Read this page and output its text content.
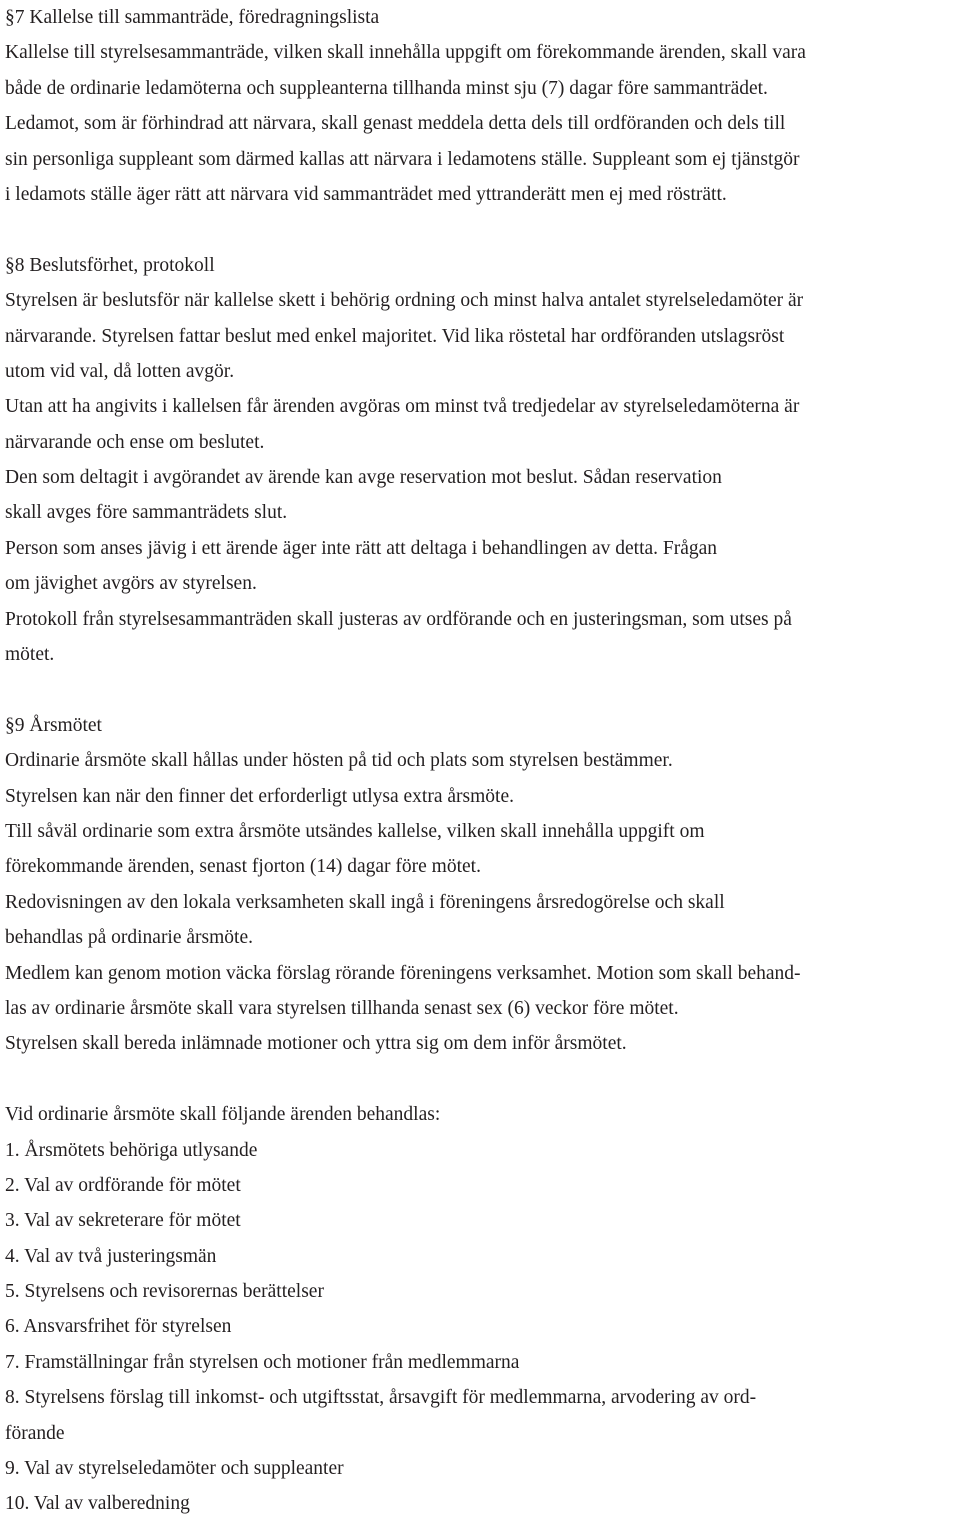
§7 Kallelse till sammanträde, föredragningslista
Kallelse till styrelsesammanträde, vilken skall innehålla uppgift om förekommande ärenden, skall vara
både de ordinarie ledamöterna och suppleanterna tillhanda minst sju (7) dagar före sammanträdet.
Ledamot, som är förhindrad att närvara, skall genast meddela detta dels till ordföranden och dels till
sin personliga suppleant som därmed kallas att närvara i ledamotens ställe. Suppleant som ej tjänstgör
i ledamots ställe äger rätt att närvara vid sammanträdet med yttranderätt men ej med rösträtt.
§8 Beslutsförhet, protokoll
Styrelsen är beslutsför när kallelse skett i behörig ordning och minst halva antalet styrelseledamöter är
närvarande. Styrelsen fattar beslut med enkel majoritet. Vid lika röstetal har ordföranden utslagsröst
utom vid val, då lotten avgör.
Utan att ha angivits i kallelsen får ärenden avgöras om minst två tredjedelar av styrelseledamöterna är
närvarande och ense om beslutet.
Den som deltagit i avgörandet av ärende kan avge reservation mot beslut. Sådan reservation
skall avges före sammanträdets slut.
Person som anses jävig i ett ärende äger inte rätt att deltaga i behandlingen av detta. Frågan
om jävighet avgörs av styrelsen.
Protokoll från styrelsesammanträden skall justeras av ordförande och en justeringsman, som utses på
mötet.
§9 Årsmötet
Ordinarie årsmöte skall hållas under hösten på tid och plats som styrelsen bestämmer.
Styrelsen kan när den finner det erforderligt utlysa extra årsmöte.
Till såväl ordinarie som extra årsmöte utsändes kallelse, vilken skall innehålla uppgift om
förekommande ärenden, senast fjorton (14) dagar före mötet.
Redovisningen av den lokala verksamheten skall ingå i föreningens årsredogörelse och skall
behandlas på ordinarie årsmöte.
Medlem kan genom motion väcka förslag rörande föreningens verksamhet. Motion som skall behand-
las av ordinarie årsmöte skall vara styrelsen tillhanda senast sex (6) veckor före mötet.
Styrelsen skall bereda inlämnade motioner och yttra sig om dem inför årsmötet.
Vid ordinarie årsmöte skall följande ärenden behandlas:
1. Årsmötets behöriga utlysande
2. Val av ordförande för mötet
3. Val av sekreterare för mötet
4. Val av två justeringsmän
5. Styrelsens och revisorernas berättelser
6. Ansvarsfrihet för styrelsen
7. Framställningar från styrelsen och motioner från medlemmarna
8. Styrelsens förslag till inkomst- och utgiftsstat, årsavgift för medlemmarna, arvodering av ord-
förande
9. Val av styrelseledamöter och suppleanter
10. Val av valberedning
